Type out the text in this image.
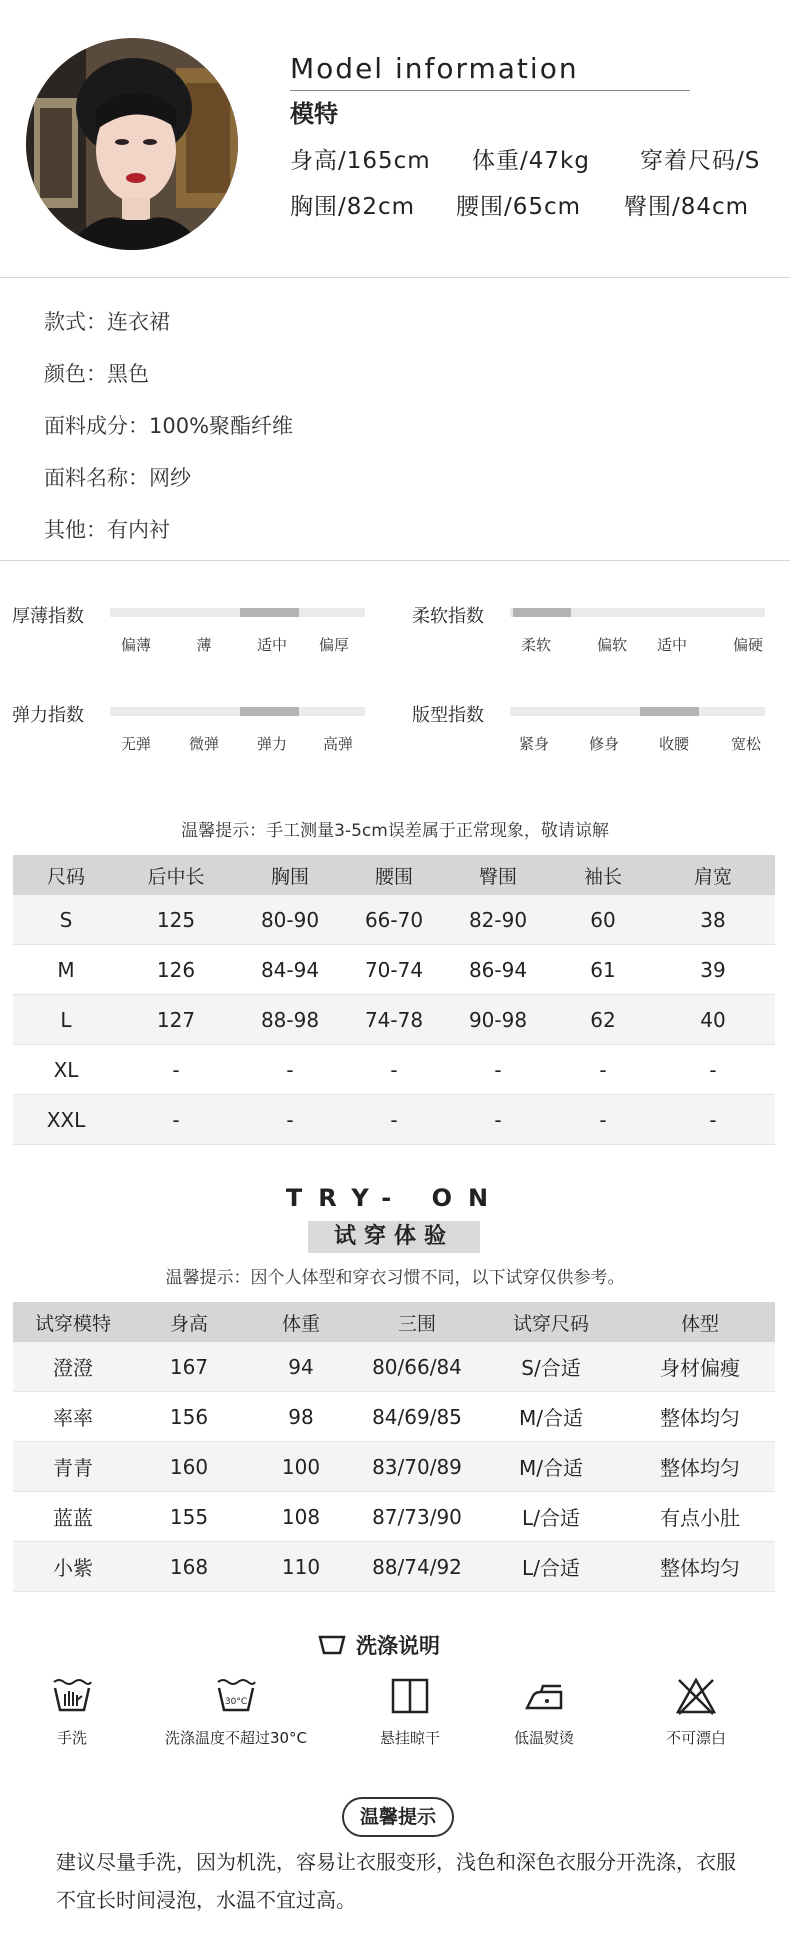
Model information
模特
身高/165cm 体重/47kg 穿着尺码/S
胸围/82cm 腰围/65cm 臀围/84cm
款式：连衣裙
颜色：黑色
面料成分：100%聚酯纤维
面料名称：网纱
其他：有内衬
厚薄指数
偏薄	薄	适中 偏厚
柔软指数
柔软	偏软 适中	偏硬
弹力指数
无弹	微弹	弹力 高弹
版型指数
紧身	修身	收腰	宽松
温馨提示：手工测量3-5cm误差属于正常现象，敬请谅解
尺码	后中长	胸围	腰围	臀围	袖长	肩宽
S	125	80-90	66-70	82-90	60	38
M	126	84-94	70-74	86-94	61	39
L	127	88-98	74-78	90-98	62	40
XL	-	-	-	-	-	-
XXL	-	-	-	-	-	-
TRY- ON
试穿体验
温馨提示：因个人体型和穿衣习惯不同，以下试穿仅供参考。
试穿模特	身高	体重	三围	试穿尺码	体型
澄澄	167	94	80/66/84	S/合适	身材偏瘦
率率	156	98	84/69/85	M/合适	整体均匀
青青	160	100	83/70/89	M/合适	整体均匀
蓝蓝	155	108	87/73/90	L/合适	有点小肚
小紫	168	110	88/74/92	L/合适	整体均匀
洗涤说明
手洗
30°C
洗涤温度不超过30°C	悬挂晾干	低温熨烫	不可漂白
温馨提示
建议尽量手洗，因为机洗，容易让衣服变形，浅色和深色衣服分开洗涤，衣服不宜长时间浸泡，水温不宜过高。
